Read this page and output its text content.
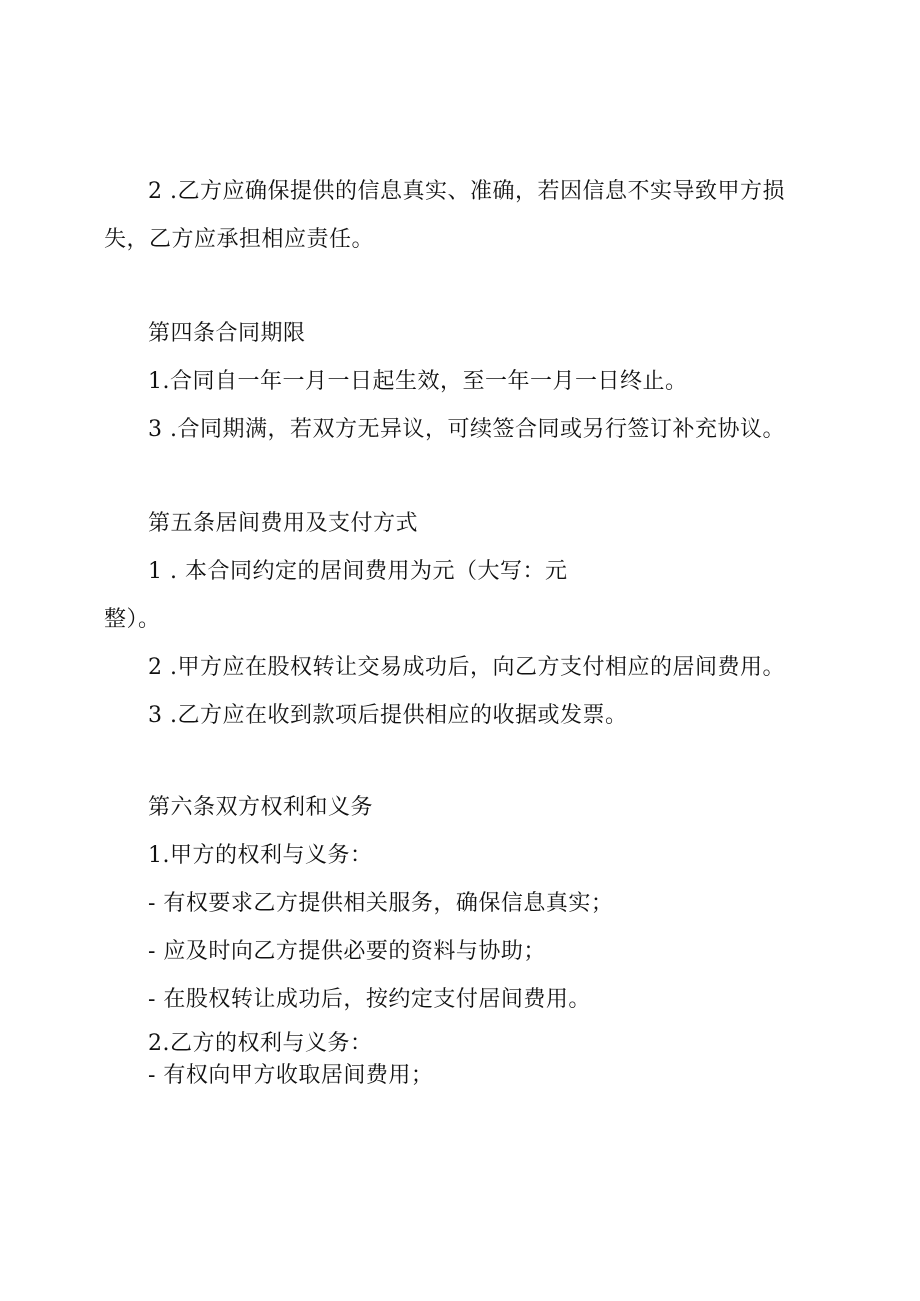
2 .乙方应确保提供的信息真实、准确，若因信息不实导致甲方损
失，乙方应承担相应责任。
第四条合同期限
1.合同自一年一月一日起生效，至一年一月一日终止。
3 .合同期满，若双方无异议，可续签合同或另行签订补充协议。
第五条居间费用及支付方式
1 . 本合同约定的居间费用为元（大写：元
整）。
2 .甲方应在股权转让交易成功后，向乙方支付相应的居间费用。
3 .乙方应在收到款项后提供相应的收据或发票。
第六条双方权利和义务
1.甲方的权利与义务：
- 有权要求乙方提供相关服务，确保信息真实；
- 应及时向乙方提供必要的资料与协助；
- 在股权转让成功后，按约定支付居间费用。
2.乙方的权利与义务：
- 有权向甲方收取居间费用；
